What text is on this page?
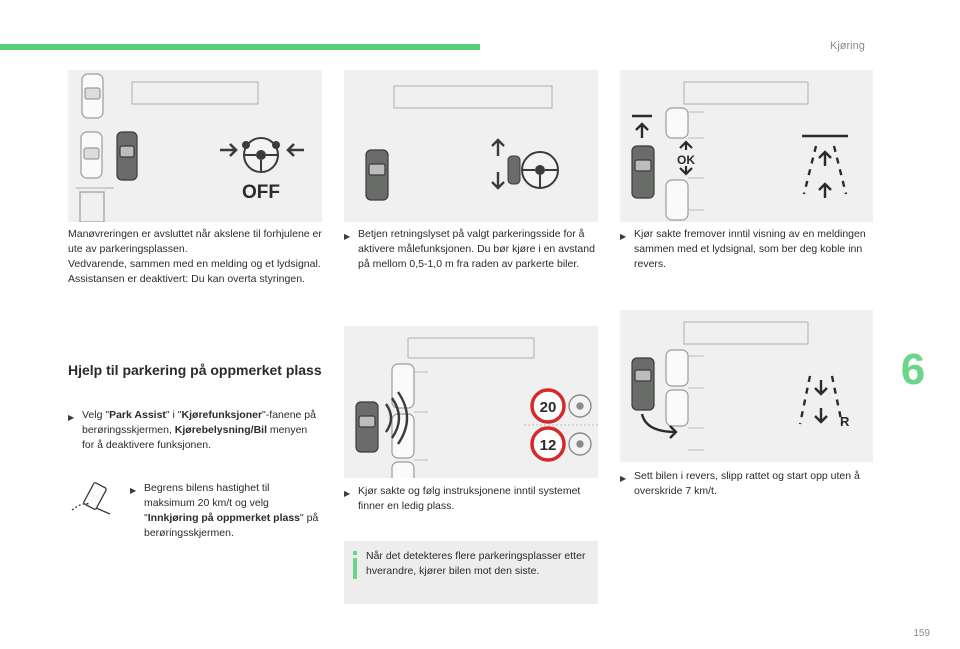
Kjøring
6
159
OFF

Manøvreringen er avsluttet når akslene til forhjulene er ute av parkeringsplassen.

Vedvarende, sammen med en melding og et lydsignal.

Assistansen er deaktivert: Du kan overta styringen.

Hjelp til parkering på oppmerket plass
▶ Velg "Park Assist" i "Kjørefunksjoner"-fanene på berøringsskjermen, Kjørebelysning/Bil menyen for å deaktivere funksjonen.
▶ Begrens bilens hastighet til maksimum 20 km/t og velg "Innkjøring på oppmerket plass" på berøringsskjermen.
▶ Betjen retningslyset på valgt parkeringsside for å aktivere målefunksjonen. Du bør kjøre i en avstand på mellom 0,5-1,0 m fra raden av parkerte biler.
20
12
▶ Kjør sakte og følg instruksjonene inntil systemet finner en ledig plass.
Når det detekteres flere parkeringsplasser etter hverandre, kjører bilen mot den siste.
OK
▶ Kjør sakte fremover inntil visning av en meldingen sammen med et lydsignal, som ber deg koble inn revers.
R
▶ Sett bilen i revers, slipp rattet og start opp uten å overskride 7 km/t.
